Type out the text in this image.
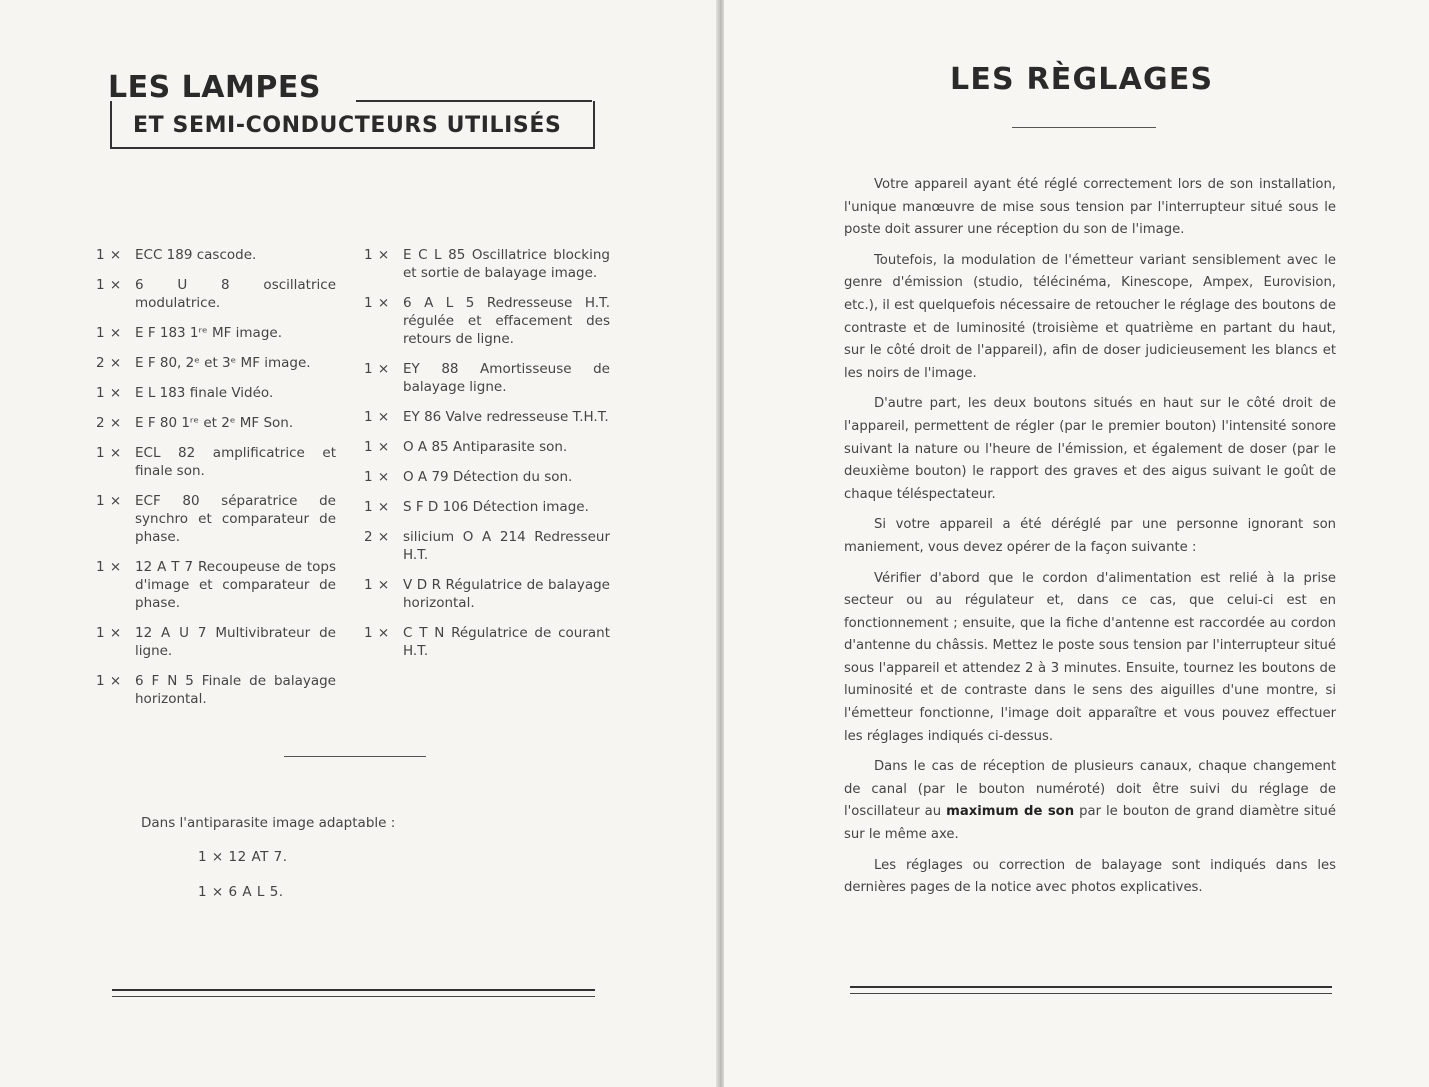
LES LAMPES
ET SEMI-CONDUCTEURS UTILISÉS
1 × ECC 189 cascode.
1 × 6 U 8 oscillatrice modulatrice.
1 × E F 183 1ʳᵉ MF image.
2 × E F 80, 2ᵉ et 3ᵉ MF image.
1 × E L 183 finale Vidéo.
2 × E F 80 1ʳᵉ et 2ᵉ MF Son.
1 × ECL 82 amplificatrice et finale son.
1 × ECF 80 séparatrice de synchro et comparateur de phase.
1 × 12 A T 7 Recoupeuse de tops d'image et comparateur de phase.
1 × 12 A U 7 Multivibrateur de ligne.
1 × 6 F N 5 Finale de balayage horizontal.
1 × E C L 85 Oscillatrice blocking et sortie de balayage image.
1 × 6 A L 5 Redresseuse H.T. régulée et effacement des retours de ligne.
1 × EY 88 Amortisseuse de balayage ligne.
1 × EY 86 Valve redresseuse T.H.T.
1 × O A 85 Antiparasite son.
1 × O A 79 Détection du son.
1 × S F D 106 Détection image.
2 × silicium O A 214 Redresseur H.T.
1 × V D R Régulatrice de balayage horizontal.
1 × C T N Régulatrice de courant H.T.
Dans l'antiparasite image adaptable :
1 × 12 AT 7.
1 × 6 A L 5.
LES RÈGLAGES

Votre appareil ayant été réglé correctement lors de son installation, l'unique manœuvre de mise sous tension par l'interrupteur situé sous le poste doit assurer une réception du son de l'image.

Toutefois, la modulation de l'émetteur variant sensiblement avec le genre d'émission (studio, télécinéma, Kinescope, Ampex, Eurovision, etc.), il est quelquefois nécessaire de retoucher le réglage des boutons de contraste et de luminosité (troisième et quatrième en partant du haut, sur le côté droit de l'appareil), afin de doser judicieusement les blancs et les noirs de l'image.

D'autre part, les deux boutons situés en haut sur le côté droit de l'appareil, permettent de régler (par le premier bouton) l'intensité sonore suivant la nature ou l'heure de l'émission, et également de doser (par le deuxième bouton) le rapport des graves et des aigus suivant le goût de chaque téléspectateur.

Si votre appareil a été déréglé par une personne ignorant son maniement, vous devez opérer de la façon suivante :

Vérifier d'abord que le cordon d'alimentation est relié à la prise secteur ou au régulateur et, dans ce cas, que celui-ci est en fonctionnement ; ensuite, que la fiche d'antenne est raccordée au cordon d'antenne du châssis. Mettez le poste sous tension par l'interrupteur situé sous l'appareil et attendez 2 à 3 minutes. Ensuite, tournez les boutons de luminosité et de contraste dans le sens des aiguilles d'une montre, si l'émetteur fonctionne, l'image doit apparaître et vous pouvez effectuer les réglages indiqués ci-dessus.

Dans le cas de réception de plusieurs canaux, chaque changement de canal (par le bouton numéroté) doit être suivi du réglage de l'oscillateur au maximum de son par le bouton de grand diamètre situé sur le même axe.

Les réglages ou correction de balayage sont indiqués dans les dernières pages de la notice avec photos explicatives.
